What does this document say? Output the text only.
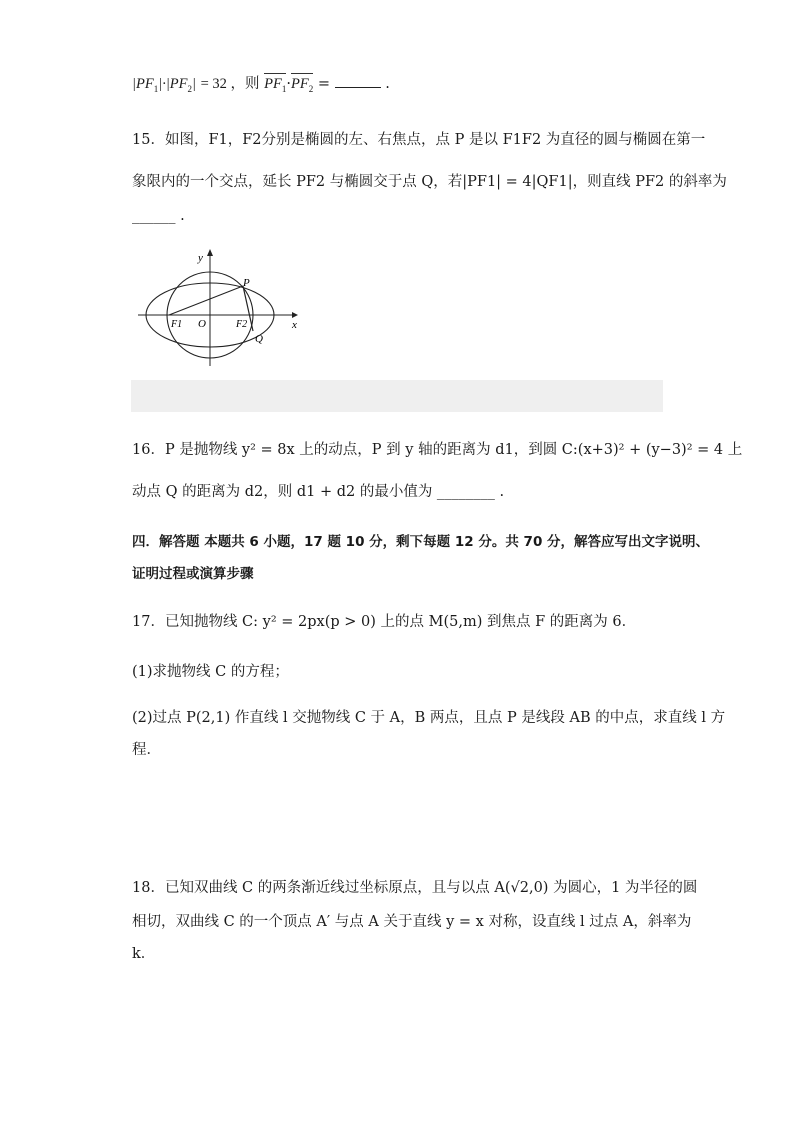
$|PF_1|\cdot|PF_2| = 32$ ，则 $PF_1\cdot PF_2$ =	.
15．如图，F1，F2分别是椭圆的左、右焦点，点 P 是以 F1F2 为直径的圆与椭圆在第一
象限内的一个交点，延长 PF2 与椭圆交于点 Q，若|PF1| = 4|QF1|，则直线 PF2 的斜率为
______ .
y
x
P
Q
F1 O	F2
16．P 是抛物线 y² = 8x 上的动点，P 到 y 轴的距离为 d1，到圆 C:(x+3)² + (y−3)² = 4 上
动点 Q 的距离为 d2，则 d1 + d2 的最小值为 ________ .
四．解答题 本题共 6 小题，17 题 10 分，剩下每题 12 分。共 70 分，解答应写出文字说明、
证明过程或演算步骤
17．已知抛物线 C: y² = 2px(p > 0) 上的点 M(5,m) 到焦点 F 的距离为 6．
(1)求抛物线 C 的方程；
(2)过点 P(2,1) 作直线 l 交抛物线 C 于 A，B 两点，且点 P 是线段 AB 的中点，求直线 l 方
程．
18．已知双曲线 C 的两条渐近线过坐标原点，且与以点 A(√2,0) 为圆心，1 为半径的圆
相切，双曲线 C 的一个顶点 A′ 与点 A 关于直线 y = x 对称，设直线 l 过点 A，斜率为
k．
